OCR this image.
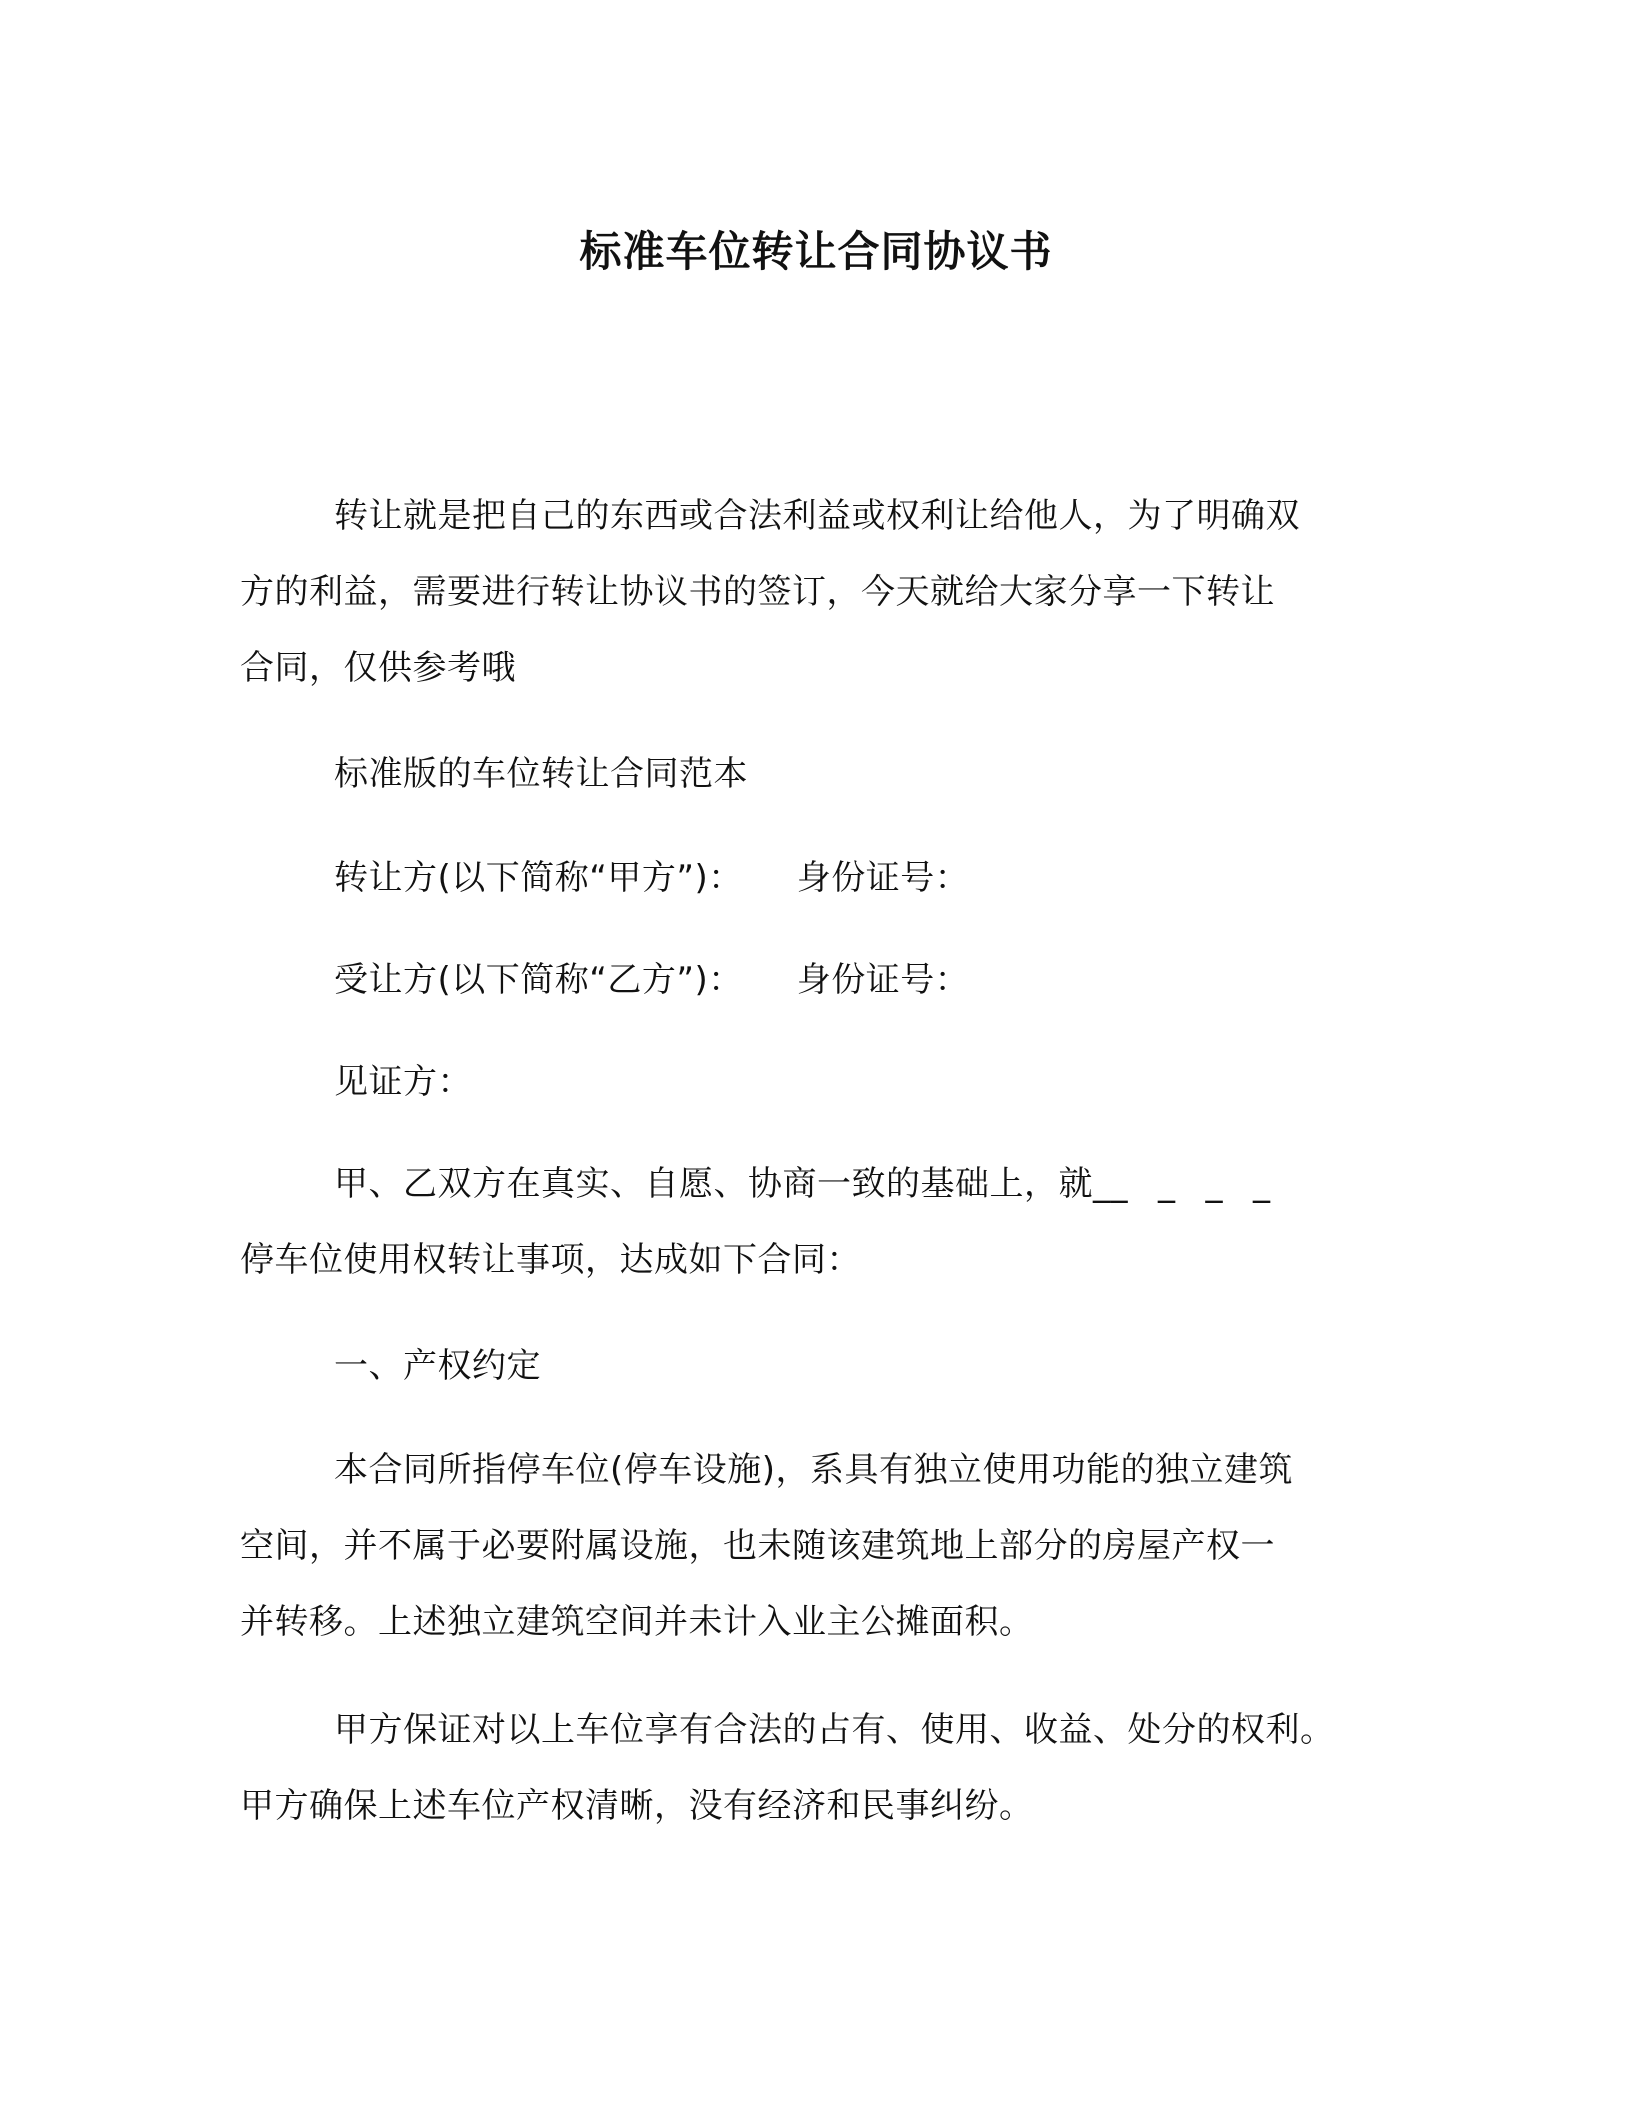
标准车位转让合同协议书
转让就是把自己的东西或合法利益或权利让给他人，为了明确双
方的利益，需要进行转让协议书的签订，今天就给大家分享一下转让
合同，仅供参考哦
标准版的车位转让合同范本
转让方(以下简称“甲方”)： 身份证号：
受让方(以下简称“乙方”)： 身份证号：
见证方：
甲、乙双方在真实、自愿、协商一致的基础上，就__ _ _ _
停车位使用权转让事项，达成如下合同：
一、产权约定
本合同所指停车位(停车设施)，系具有独立使用功能的独立建筑
空间，并不属于必要附属设施，也未随该建筑地上部分的房屋产权一
并转移。上述独立建筑空间并未计入业主公摊面积。
甲方保证对以上车位享有合法的占有、使用、收益、处分的权利。
甲方确保上述车位产权清晰，没有经济和民事纠纷。
